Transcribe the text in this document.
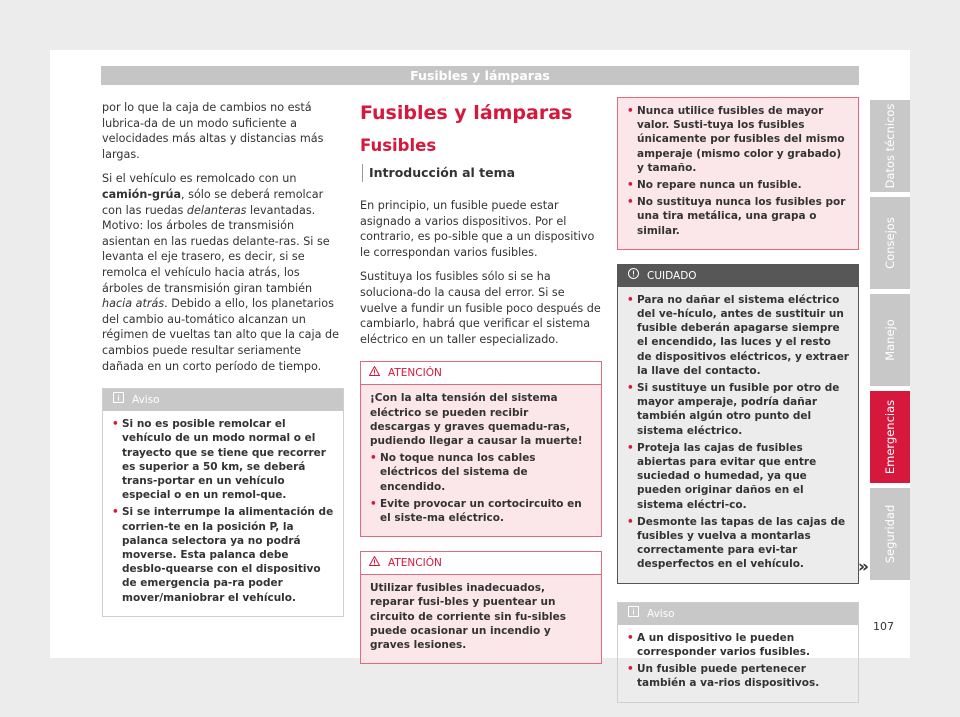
Fusibles y lámparas

por lo que la caja de cambios no está lubrica-da de un modo suficiente a velocidades más altas y distancias más largas.

Si el vehículo es remolcado con un camión-grúa, sólo se deberá remolcar con las ruedas delanteras levantadas. Motivo: los árboles de transmisión asientan en las ruedas delante-ras. Si se levanta el eje trasero, es decir, si se remolca el vehículo hacia atrás, los árboles de transmisión giran también hacia atrás. Debido a ello, los planetarios del cambio au-tomático alcanzan un régimen de vueltas tan alto que la caja de cambios puede resultar seriamente dañada en un corto período de tiempo.

Aviso
• Si no es posible remolcar el vehículo de un modo normal o el trayecto que se tiene que recorrer es superior a 50 km, se deberá trans-portar en un vehículo especial o en un remol-que.
• Si se interrumpe la alimentación de corrien-te en la posición P, la palanca selectora ya no podrá moverse. Esta palanca debe desblo-quearse con el dispositivo de emergencia pa-ra poder mover/maniobrar el vehículo.
Fusibles y lámparas
Fusibles
Introducción al tema

En principio, un fusible puede estar asignado a varios dispositivos. Por el contrario, es po-sible que a un dispositivo le correspondan varios fusibles.

Sustituya los fusibles sólo si se ha soluciona-do la causa del error. Si se vuelve a fundir un fusible poco después de cambiarlo, habrá que verificar el sistema eléctrico en un taller especializado.

ATENCIÓN

¡Con la alta tensión del sistema eléctrico se pueden recibir descargas y graves quemadu-ras, pudiendo llegar a causar la muerte!

• No toque nunca los cables eléctricos del sistema de encendido.
• Evite provocar un cortocircuito en el siste-ma eléctrico.
ATENCIÓN

Utilizar fusibles inadecuados, reparar fusi-bles y puentear un circuito de corriente sin fu-sibles puede ocasionar un incendio y graves lesiones.

• Nunca utilice fusibles de mayor valor. Susti-tuya los fusibles únicamente por fusibles del mismo amperaje (mismo color y grabado) y tamaño.
• No repare nunca un fusible.
• No sustituya nunca los fusibles por una tira metálica, una grapa o similar.
CUIDADO
• Para no dañar el sistema eléctrico del ve-hículo, antes de sustituir un fusible deberán apagarse siempre el encendido, las luces y el resto de dispositivos eléctricos, y extraer la llave del contacto.
• Si sustituye un fusible por otro de mayor amperaje, podría dañar también algún otro punto del sistema eléctrico.
• Proteja las cajas de fusibles abiertas para evitar que entre suciedad o humedad, ya que pueden originar daños en el sistema eléctri-co.
• Desmonte las tapas de las cajas de fusibles y vuelva a montarlas correctamente para evi-tar desperfectos en el vehículo.
Aviso
• A un dispositivo le pueden corresponder varios fusibles.
• Un fusible puede pertenecer también a va-rios dispositivos.
»
Datos técnicos
Consejos
Manejo
Emergencias
Seguridad
107
